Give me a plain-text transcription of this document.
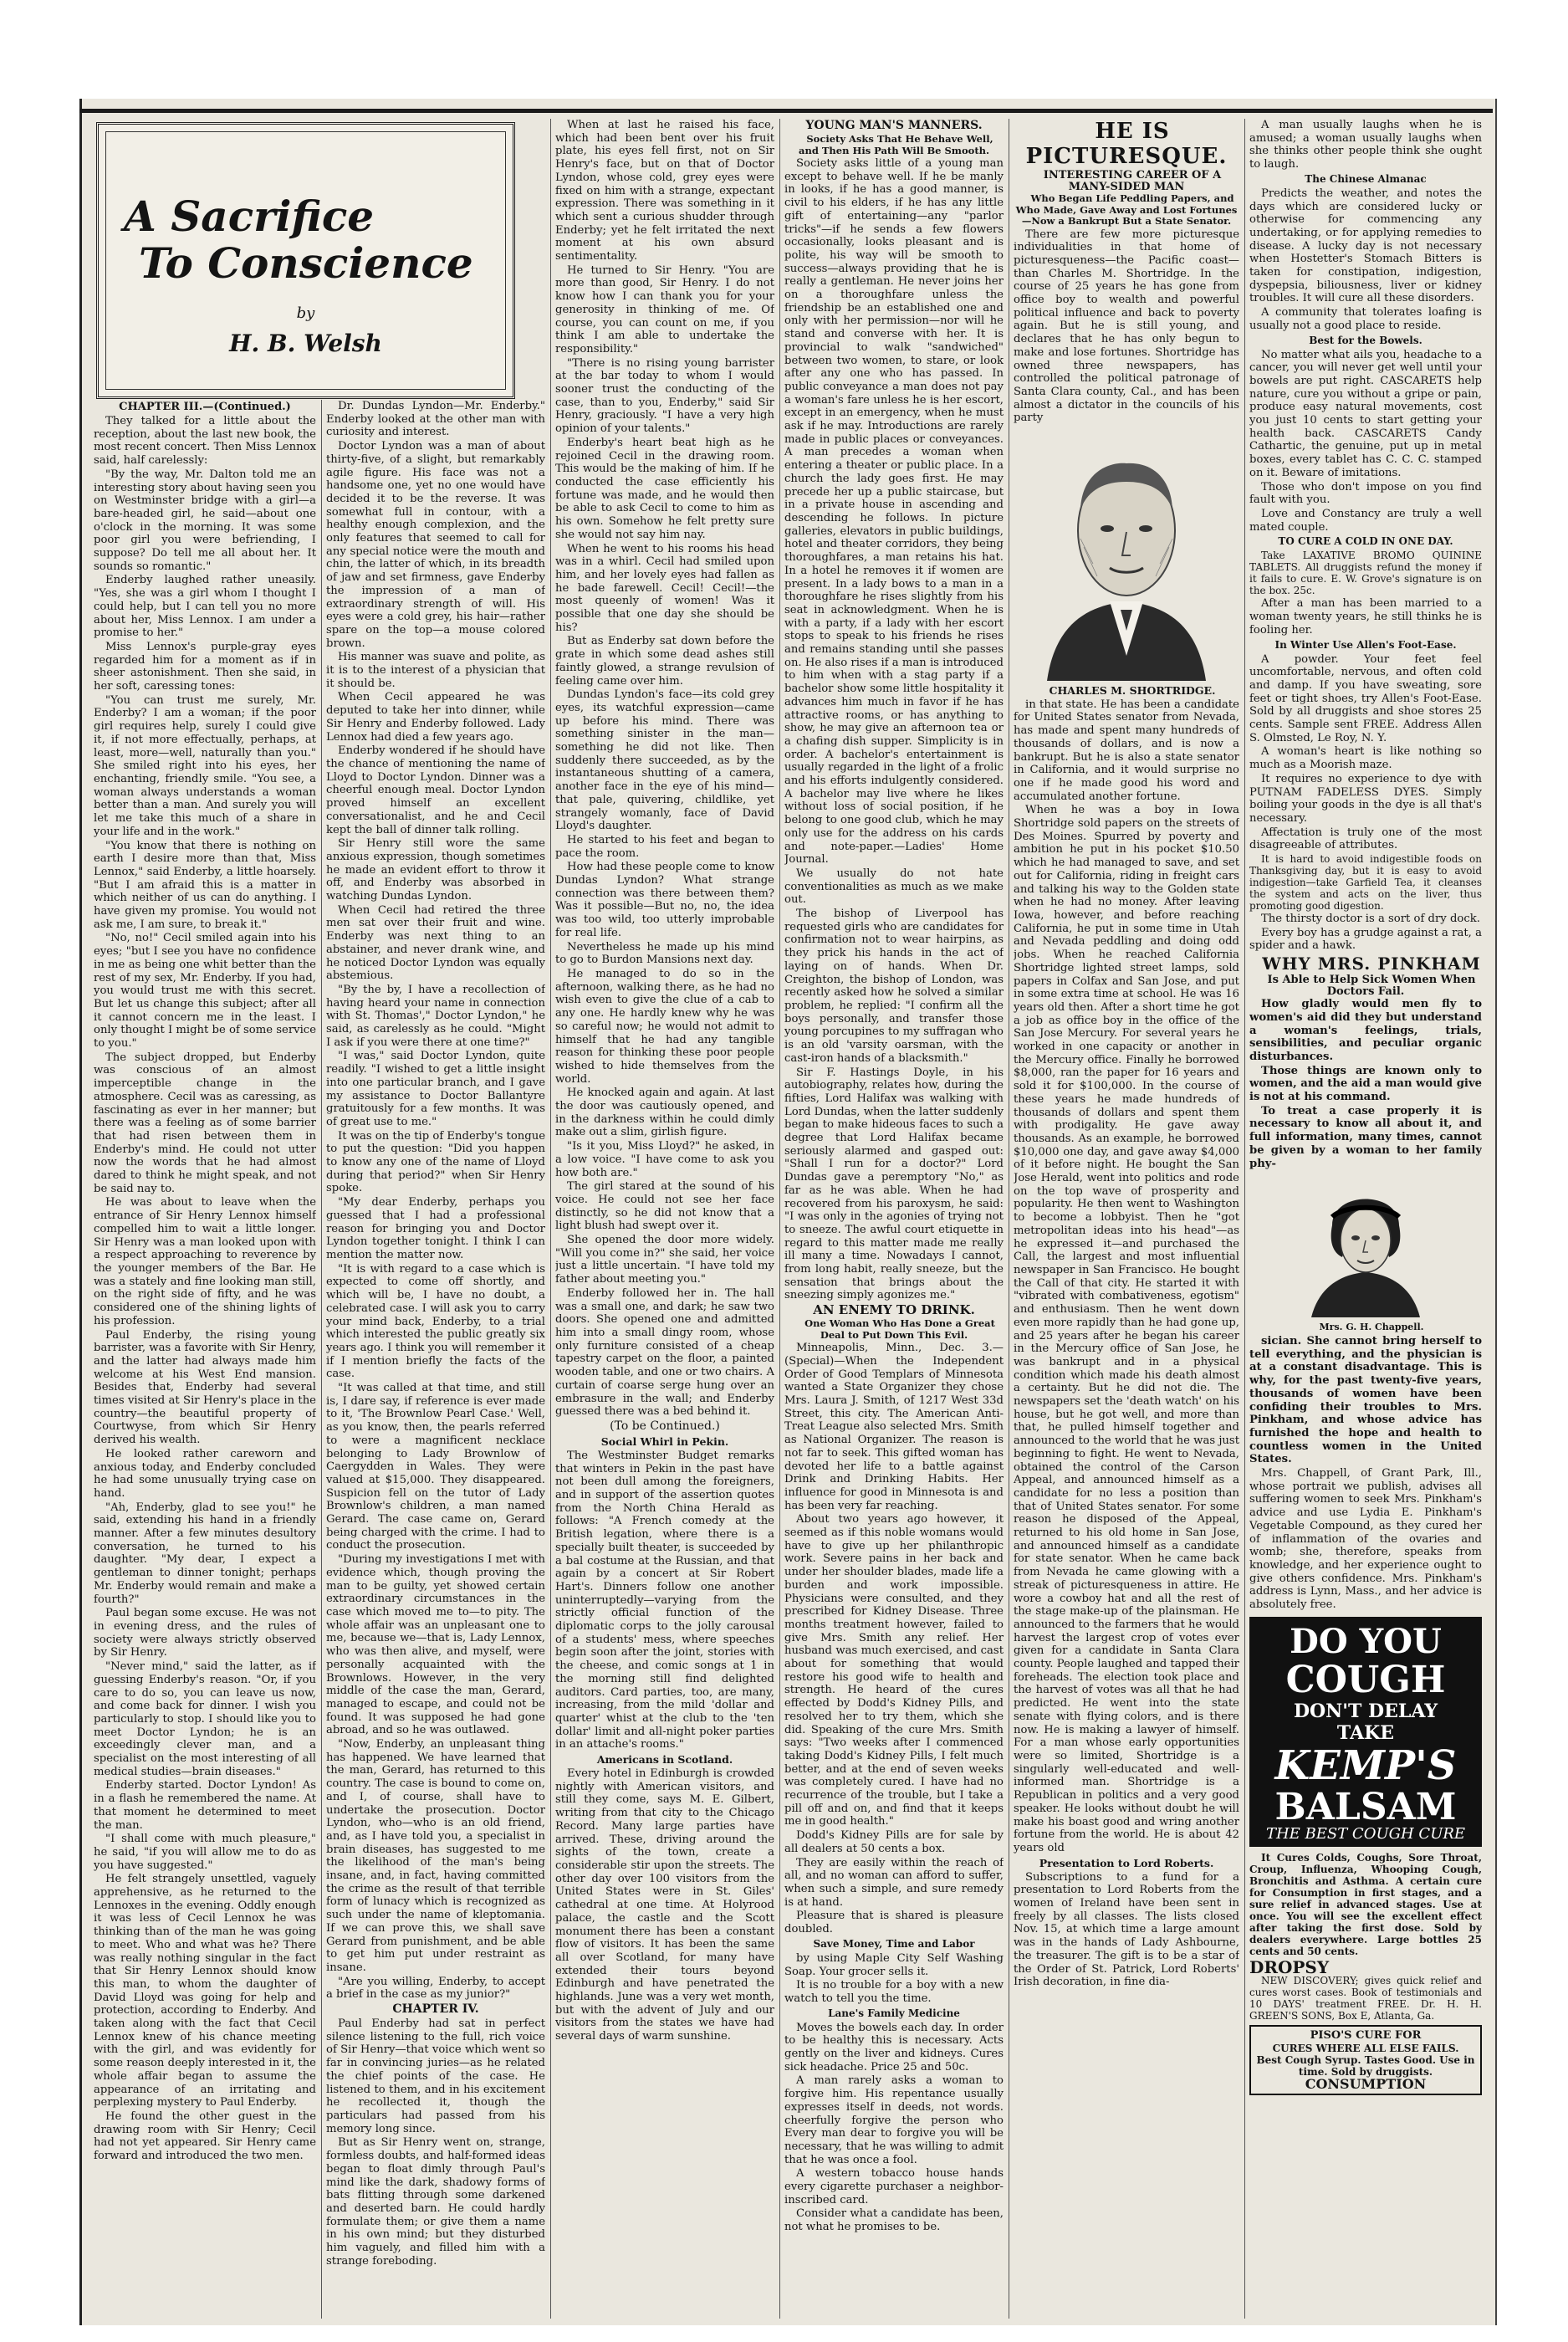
A Sacrifice
To Conscience
by
H. B. Welsh

CHAPTER III.—(Continued.)

They talked for a little about the reception, about the last new book, the most recent concert. Then Miss Lennox said, half carelessly:

"By the way, Mr. Dalton told me an interesting story about having seen you on Westminster bridge with a girl—a bare-headed girl, he said—about one o'clock in the morning. It was some poor girl you were befriending, I suppose? Do tell me all about her. It sounds so romantic."

Enderby laughed rather uneasily. "Yes, she was a girl whom I thought I could help, but I can tell you no more about her, Miss Lennox. I am under a promise to her."

Miss Lennox's purple-gray eyes regarded him for a moment as if in sheer astonishment. Then she said, in her soft, caressing tones:

"You can trust me surely, Mr. Enderby? I am a woman; if the poor girl requires help, surely I could give it, if not more effectually, perhaps, at least, more—well, naturally than you." She smiled right into his eyes, her enchanting, friendly smile. "You see, a woman always understands a woman better than a man. And surely you will let me take this much of a share in your life and in the work."

"You know that there is nothing on earth I desire more than that, Miss Lennox," said Enderby, a little hoarsely. "But I am afraid this is a matter in which neither of us can do anything. I have given my promise. You would not ask me, I am sure, to break it."

"No, no!" Cecil smiled again into his eyes; "but I see you have no confidence in me as being one whit better than the rest of my sex, Mr. Enderby. If you had, you would trust me with this secret. But let us change this subject; after all it cannot concern me in the least. I only thought I might be of some service to you."

The subject dropped, but Enderby was conscious of an almost imperceptible change in the atmosphere. Cecil was as caressing, as fascinating as ever in her manner; but there was a feeling as of some barrier that had risen between them in Enderby's mind. He could not utter now the words that he had almost dared to think he might speak, and not be said nay to.

He was about to leave when the entrance of Sir Henry Lennox himself compelled him to wait a little longer. Sir Henry was a man looked upon with a respect approaching to reverence by the younger members of the Bar. He was a stately and fine looking man still, on the right side of fifty, and he was considered one of the shining lights of his profession.

Paul Enderby, the rising young barrister, was a favorite with Sir Henry, and the latter had always made him welcome at his West End mansion. Besides that, Enderby had several times visited at Sir Henry's place in the country—the beautiful property of Courtwyse, from which Sir Henry derived his wealth.

He looked rather careworn and anxious today, and Enderby concluded he had some unusually trying case on hand.

"Ah, Enderby, glad to see you!" he said, extending his hand in a friendly manner. After a few minutes desultory conversation, he turned to his daughter. "My dear, I expect a gentleman to dinner tonight; perhaps Mr. Enderby would remain and make a fourth?"

Paul began some excuse. He was not in evening dress, and the rules of society were always strictly observed by Sir Henry.

"Never mind," said the latter, as if guessing Enderby's reason. "Or, if you care to do so, you can leave us now, and come back for dinner. I wish you particularly to stop. I should like you to meet Doctor Lyndon; he is an exceedingly clever man, and a specialist on the most interesting of all medical studies—brain diseases."

Enderby started. Doctor Lyndon! As in a flash he remembered the name. At that moment he determined to meet the man.

"I shall come with much pleasure," he said, "if you will allow me to do as you have suggested."

He felt strangely unsettled, vaguely apprehensive, as he returned to the Lennoxes in the evening. Oddly enough it was less of Cecil Lennox he was thinking than of the man he was going to meet. Who and what was he? There was really nothing singular in the fact that Sir Henry Lennox should know this man, to whom the daughter of David Lloyd was going for help and protection, according to Enderby. And taken along with the fact that Cecil Lennox knew of his chance meeting with the girl, and was evidently for some reason deeply interested in it, the whole affair began to assume the appearance of an irritating and perplexing mystery to Paul Enderby.

He found the other guest in the drawing room with Sir Henry; Cecil had not yet appeared. Sir Henry came forward and introduced the two men.

Dr. Dundas Lyndon—Mr. Enderby." Enderby looked at the other man with curiosity and interest.

Doctor Lyndon was a man of about thirty-five, of a slight, but remarkably agile figure. His face was not a handsome one, yet no one would have decided it to be the reverse. It was somewhat full in contour, with a healthy enough complexion, and the only features that seemed to call for any special notice were the mouth and chin, the latter of which, in its breadth of jaw and set firmness, gave Enderby the impression of a man of extraordinary strength of will. His eyes were a cold grey, his hair—rather spare on the top—a mouse colored brown.

His manner was suave and polite, as it is to the interest of a physician that it should be.

When Cecil appeared he was deputed to take her into dinner, while Sir Henry and Enderby followed. Lady Lennox had died a few years ago.

Enderby wondered if he should have the chance of mentioning the name of Lloyd to Doctor Lyndon. Dinner was a cheerful enough meal. Doctor Lyndon proved himself an excellent conversationalist, and he and Cecil kept the ball of dinner talk rolling.

Sir Henry still wore the same anxious expression, though sometimes he made an evident effort to throw it off, and Enderby was absorbed in watching Dundas Lyndon.

When Cecil had retired the three men sat over their fruit and wine. Enderby was next thing to an abstainer, and never drank wine, and he noticed Doctor Lyndon was equally abstemious.

"By the by, I have a recollection of having heard your name in connection with St. Thomas'," Doctor Lyndon," he said, as carelessly as he could. "Might I ask if you were there at one time?"

"I was," said Doctor Lyndon, quite readily. "I wished to get a little insight into one particular branch, and I gave my assistance to Doctor Ballantyre gratuitously for a few months. It was of great use to me."

It was on the tip of Enderby's tongue to put the question: "Did you happen to know any one of the name of Lloyd during that period?" when Sir Henry spoke.

"My dear Enderby, perhaps you guessed that I had a professional reason for bringing you and Doctor Lyndon together tonight. I think I can mention the matter now.

"It is with regard to a case which is expected to come off shortly, and which will be, I have no doubt, a celebrated case. I will ask you to carry your mind back, Enderby, to a trial which interested the public greatly six years ago. I think you will remember it if I mention briefly the facts of the case.

"It was called at that time, and still is, I dare say, if reference is ever made to it, 'The Brownlow Pearl Case.' Well, as you know, then, the pearls referred to were a magnificent necklace belonging to Lady Brownlow of Caergydden in Wales. They were valued at $15,000. They disappeared. Suspicion fell on the tutor of Lady Brownlow's children, a man named Gerard. The case came on, Gerard being charged with the crime. I had to conduct the prosecution.

"During my investigations I met with evidence which, though proving the man to be guilty, yet showed certain extraordinary circumstances in the case which moved me to—to pity. The whole affair was an unpleasant one to me, because we—that is, Lady Lennox, who was then alive, and myself, were personally acquainted with the Brownlows. However, in the very middle of the case the man, Gerard, managed to escape, and could not be found. It was supposed he had gone abroad, and so he was outlawed.

"Now, Enderby, an unpleasant thing has happened. We have learned that the man, Gerard, has returned to this country. The case is bound to come on, and I, of course, shall have to undertake the prosecution. Doctor Lyndon, who—who is an old friend, and, as I have told you, a specialist in brain diseases, has suggested to me the likelihood of the man's being insane, and, in fact, having committed the crime as the result of that terrible form of lunacy which is recognized as such under the name of kleptomania. If we can prove this, we shall save Gerard from punishment, and be able to get him put under restraint as insane.

"Are you willing, Enderby, to accept a brief in the case as my junior?"

CHAPTER IV.

Paul Enderby had sat in perfect silence listening to the full, rich voice of Sir Henry—that voice which went so far in convincing juries—as he related the chief points of the case. He listened to them, and in his excitement he recollected it, though the particulars had passed from his memory long since.

But as Sir Henry went on, strange, formless doubts, and half-formed ideas began to float dimly through Paul's mind like the dark, shadowy forms of bats flitting through some darkened and deserted barn. He could hardly formulate them; or give them a name in his own mind; but they disturbed him vaguely, and filled him with a strange foreboding.

When at last he raised his face, which had been bent over his fruit plate, his eyes fell first, not on Sir Henry's face, but on that of Doctor Lyndon, whose cold, grey eyes were fixed on him with a strange, expectant expression. There was something in it which sent a curious shudder through Enderby; yet he felt irritated the next moment at his own absurd sentimentality.

He turned to Sir Henry. "You are more than good, Sir Henry. I do not know how I can thank you for your generosity in thinking of me. Of course, you can count on me, if you think I am able to undertake the responsibility."

"There is no rising young barrister at the bar today to whom I would sooner trust the conducting of the case, than to you, Enderby," said Sir Henry, graciously. "I have a very high opinion of your talents."

Enderby's heart beat high as he rejoined Cecil in the drawing room. This would be the making of him. If he conducted the case efficiently his fortune was made, and he would then be able to ask Cecil to come to him as his own. Somehow he felt pretty sure she would not say him nay.

When he went to his rooms his head was in a whirl. Cecil had smiled upon him, and her lovely eyes had fallen as he bade farewell. Cecil! Cecil!—the most queenly of women! Was it possible that one day she should be his?

But as Enderby sat down before the grate in which some dead ashes still faintly glowed, a strange revulsion of feeling came over him.

Dundas Lyndon's face—its cold grey eyes, its watchful expression—came up before his mind. There was something sinister in the man—something he did not like. Then suddenly there succeeded, as by the instantaneous shutting of a camera, another face in the eye of his mind—that pale, quivering, childlike, yet strangely womanly, face of David Lloyd's daughter.

He started to his feet and began to pace the room.

How had these people come to know Dundas Lyndon? What strange connection was there between them? Was it possible—But no, no, the idea was too wild, too utterly improbable for real life.

Nevertheless he made up his mind to go to Burdon Mansions next day.

He managed to do so in the afternoon, walking there, as he had no wish even to give the clue of a cab to any one. He hardly knew why he was so careful now; he would not admit to himself that he had any tangible reason for thinking these poor people wished to hide themselves from the world.

He knocked again and again. At last the door was cautiously opened, and in the darkness within he could dimly make out a slim, girlish figure.

"Is it you, Miss Lloyd?" he asked, in a low voice. "I have come to ask you how both are."

The girl stared at the sound of his voice. He could not see her face distinctly, so he did not know that a light blush had swept over it.

She opened the door more widely. "Will you come in?" she said, her voice just a little uncertain. "I have told my father about meeting you."

Enderby followed her in. The hall was a small one, and dark; he saw two doors. She opened one and admitted him into a small dingy room, whose only furniture consisted of a cheap tapestry carpet on the floor, a painted wooden table, and one or two chairs. A curtain of coarse serge hung over an embrasure in the wall; and Enderby guessed there was a bed behind it.

(To be Continued.)

Social Whirl in Pekin.

The Westminster Budget remarks that winters in Pekin in the past have not been dull among the foreigners, and in support of the assertion quotes from the North China Herald as follows: "A French comedy at the British legation, where there is a specially built theater, is succeeded by a bal costume at the Russian, and that again by a concert at Sir Robert Hart's. Dinners follow one another uninterruptedly—varying from the strictly official function of the diplomatic corps to the jolly carousal of a students' mess, where speeches begin soon after the joint, stories with the cheese, and comic songs at 1 in the morning still find delighted auditors. Card parties, too, are many, increasing, from the mild 'dollar and quarter' whist at the club to the 'ten dollar' limit and all-night poker parties in an attache's rooms."

Americans in Scotland.

Every hotel in Edinburgh is crowded nightly with American visitors, and still they come, says M. E. Gilbert, writing from that city to the Chicago Record. Many large parties have arrived. These, driving around the sights of the town, create a considerable stir upon the streets. The other day over 100 visitors from the United States were in St. Giles' cathedral at one time. At Holyrood palace, the castle and the Scott monument there has been a constant flow of visitors. It has been the same all over Scotland, for many have extended their tours beyond Edinburgh and have penetrated the highlands. June was a very wet month, but with the advent of July and our visitors from the states we have had several days of warm sunshine.

YOUNG MAN'S MANNERS.

Society Asks That He Behave Well, and Then His Path Will Be Smooth.

Society asks little of a young man except to behave well. If he be manly in looks, if he has a good manner, is civil to his elders, if he has any little gift of entertaining—any "parlor tricks"—if he sends a few flowers occasionally, looks pleasant and is polite, his way will be smooth to success—always providing that he is really a gentleman. He never joins her on a thoroughfare unless the friendship be an established one and only with her permission—nor will he stand and converse with her. It is provincial to walk "sandwiched" between two women, to stare, or look after any one who has passed. In public conveyance a man does not pay a woman's fare unless he is her escort, except in an emergency, when he must ask if he may. Introductions are rarely made in public places or conveyances. A man precedes a woman when entering a theater or public place. In a church the lady goes first. He may precede her up a public staircase, but in a private house in ascending and descending he follows. In picture galleries, elevators in public buildings, hotel and theater corridors, they being thoroughfares, a man retains his hat. In a hotel he removes it if women are present. In a lady bows to a man in a thoroughfare he rises slightly from his seat in acknowledgment. When he is with a party, if a lady with her escort stops to speak to his friends he rises and remains standing until she passes on. He also rises if a man is introduced to him when with a stag party if a bachelor show some little hospitality it advances him much in favor if he has attractive rooms, or has anything to show, he may give an afternoon tea or a chafing dish supper. Simplicity is in order. A bachelor's entertainment is usually regarded in the light of a frolic and his efforts indulgently considered. A bachelor may live where he likes without loss of social position, if he belong to one good club, which he may only use for the address on his cards and note-paper.—Ladies' Home Journal.

We usually do not hate conventionalities as much as we make out.

The bishop of Liverpool has requested girls who are candidates for confirmation not to wear hairpins, as they prick his hands in the act of laying on of hands. When Dr. Creighton, the bishop of London, was recently asked how he solved a similar problem, he replied: "I confirm all the boys personally, and transfer those young porcupines to my suffragan who is an old 'varsity oarsman, with the cast-iron hands of a blacksmith."

Sir F. Hastings Doyle, in his autobiography, relates how, during the fifties, Lord Halifax was walking with Lord Dundas, when the latter suddenly began to make hideous faces to such a degree that Lord Halifax became seriously alarmed and gasped out: "Shall I run for a doctor?" Lord Dundas gave a peremptory "No," as far as he was able. When he had recovered from his paroxysm, he said: "I was only in the agonies of trying not to sneeze. The awful court etiquette in regard to this matter made me really ill many a time. Nowadays I cannot, from long habit, really sneeze, but the sensation that brings about the sneezing simply agonizes me."

AN ENEMY TO DRINK.

One Woman Who Has Done a Great Deal to Put Down This Evil.

Minneapolis, Minn., Dec. 3.—(Special)—When the Independent Order of Good Templars of Minnesota wanted a State Organizer they chose Mrs. Laura J. Smith, of 1217 West 33d Street, this city. The American Anti-Treat League also selected Mrs. Smith as National Organizer. The reason is not far to seek. This gifted woman has devoted her life to a battle against Drink and Drinking Habits. Her influence for good in Minnesota is and has been very far reaching.

About two years ago however, it seemed as if this noble womans would have to give up her philanthropic work. Severe pains in her back and under her shoulder blades, made life a burden and work impossible. Physicians were consulted, and they prescribed for Kidney Disease. Three months treatment however, failed to give Mrs. Smith any relief. Her husband was much exercised, and cast about for something that would restore his good wife to health and strength. He heard of the cures effected by Dodd's Kidney Pills, and resolved her to try them, which she did. Speaking of the cure Mrs. Smith says: "Two weeks after I commenced taking Dodd's Kidney Pills, I felt much better, and at the end of seven weeks was completely cured. I have had no recurrence of the trouble, but I take a pill off and on, and find that it keeps me in good health."

Dodd's Kidney Pills are for sale by all dealers at 50 cents a box.

They are easily within the reach of all, and no woman can afford to suffer, when such a simple, and sure remedy is at hand.

Pleasure that is shared is pleasure doubled.

Save Money, Time and Labor

by using Maple City Self Washing Soap. Your grocer sells it.

It is no trouble for a boy with a new watch to tell you the time.

Lane's Family Medicine

Moves the bowels each day. In order to be healthy this is necessary. Acts gently on the liver and kidneys. Cures sick headache. Price 25 and 50c.

A man rarely asks a woman to forgive him. His repentance usually expresses itself in deeds, not words. cheerfully forgive the person who Every man dear to forgive you will be necessary, that he was willing to admit that he was once a fool.

A western tobacco house hands every cigarette purchaser a neighbor-inscribed card.

Consider what a candidate has been, not what he promises to be.

HE IS PICTURESQUE.

INTERESTING CAREER OF A MANY-SIDED MAN

Who Began Life Peddling Papers, and Who Made, Gave Away and Lost Fortunes—Now a Bankrupt But a State Senator.

There are few more picturesque individualities in that home of picturesqueness—the Pacific coast—than Charles M. Shortridge. In the course of 25 years he has gone from office boy to wealth and powerful political influence and back to poverty again. But he is still young, and declares that he has only begun to make and lose fortunes. Shortridge has owned three newspapers, has controlled the political patronage of Santa Clara county, Cal., and has been almost a dictator in the councils of his party

CHARLES M. SHORTRIDGE.

in that state. He has been a candidate for United States senator from Nevada, has made and spent many hundreds of thousands of dollars, and is now a bankrupt. But he is also a state senator in California, and it would surprise no one if he made good his word and accumulated another fortune.

When he was a boy in Iowa Shortridge sold papers on the streets of Des Moines. Spurred by poverty and ambition he put in his pocket $10.50 which he had managed to save, and set out for California, riding in freight cars and talking his way to the Golden state when he had no money. After leaving Iowa, however, and before reaching California, he put in some time in Utah and Nevada peddling and doing odd jobs. When he reached California Shortridge lighted street lamps, sold papers in Colfax and San Jose, and put in some extra time at school. He was 16 years old then. After a short time he got a job as office boy in the office of the San Jose Mercury. For several years he worked in one capacity or another in the Mercury office. Finally he borrowed $8,000, ran the paper for 16 years and sold it for $100,000. In the course of these years he made hundreds of thousands of dollars and spent them with prodigality. He gave away thousands. As an example, he borrowed $10,000 one day, and gave away $4,000 of it before night. He bought the San Jose Herald, went into politics and rode on the top wave of prosperity and popularity. He then went to Washington to become a lobbyist. Then he "got metropolitan ideas into his head"—as he expressed it—and purchased the Call, the largest and most influential newspaper in San Francisco. He bought the Call of that city. He started it with "vibrated with combativeness, egotism" and enthusiasm. Then he went down even more rapidly than he had gone up, and 25 years after he began his career in the Mercury office of San Jose, he was bankrupt and in a physical condition which made his death almost a certainty. But he did not die. The newspapers set the 'death watch' on his house, but he got well, and more than that, he pulled himself together and announced to the world that he was just beginning to fight. He went to Nevada, obtained the control of the Carson Appeal, and announced himself as a candidate for no less a position than that of United States senator. For some reason he disposed of the Appeal, returned to his old home in San Jose, and announced himself as a candidate for state senator. When he came back from Nevada he came glowing with a streak of picturesqueness in attire. He wore a cowboy hat and all the rest of the stage make-up of the plainsman. He announced to the farmers that he would harvest the largest crop of votes ever given for a candidate in Santa Clara county. People laughed and tapped their foreheads. The election took place and the harvest of votes was all that he had predicted. He went into the state senate with flying colors, and is there now. He is making a lawyer of himself. For a man whose early opportunities were so limited, Shortridge is a singularly well-educated and well-informed man. Shortridge is a Republican in politics and a very good speaker. He looks without doubt he will make his boast good and wring another fortune from the world. He is about 42 years old

Presentation to Lord Roberts.

Subscriptions to a fund for a presentation to Lord Roberts from the women of Ireland have been sent in freely by all classes. The lists closed Nov. 15, at which time a large amount was in the hands of Lady Ashbourne, the treasurer. The gift is to be a star of the Order of St. Patrick, Lord Roberts' Irish decoration, in fine dia-

A man usually laughs when he is amused; a woman usually laughs when she thinks other people think she ought to laugh.

The Chinese Almanac

Predicts the weather, and notes the days which are considered lucky or otherwise for commencing any undertaking, or for applying remedies to disease. A lucky day is not necessary when Hostetter's Stomach Bitters is taken for constipation, indigestion, dyspepsia, biliousness, liver or kidney troubles. It will cure all these disorders.

A community that tolerates loafing is usually not a good place to reside.

Best for the Bowels.

No matter what ails you, headache to a cancer, you will never get well until your bowels are put right. CASCARETS help nature, cure you without a gripe or pain, produce easy natural movements, cost you just 10 cents to start getting your health back. CASCARETS Candy Cathartic, the genuine, put up in metal boxes, every tablet has C. C. C. stamped on it. Beware of imitations.

Those who don't impose on you find fault with you.

Love and Constancy are truly a well mated couple.

TO CURE A COLD IN ONE DAY.

Take LAXATIVE BROMO QUININE TABLETS. All druggists refund the money if it fails to cure. E. W. Grove's signature is on the box. 25c.

After a man has been married to a woman twenty years, he still thinks he is fooling her.

In Winter Use Allen's Foot-Ease.

A powder. Your feet feel uncomfortable, nervous, and often cold and damp. If you have sweating, sore feet or tight shoes, try Allen's Foot-Ease. Sold by all druggists and shoe stores 25 cents. Sample sent FREE. Address Allen S. Olmsted, Le Roy, N. Y.

A woman's heart is like nothing so much as a Moorish maze.

It requires no experience to dye with PUTNAM FADELESS DYES. Simply boiling your goods in the dye is all that's necessary.

Affectation is truly one of the most disagreeable of attributes.

It is hard to avoid indigestible foods on Thanksgiving day, but it is easy to avoid indigestion—take Garfield Tea, it cleanses the system and acts on the liver, thus promoting good digestion.

The thirsty doctor is a sort of dry dock.

Every boy has a grudge against a rat, a spider and a hawk.

WHY MRS. PINKHAM

Is Able to Help Sick Women When Doctors Fail.

How gladly would men fly to women's aid did they but understand a woman's feelings, trials, sensibilities, and peculiar organic disturbances.

Those things are known only to women, and the aid a man would give is not at his command.

To treat a case properly it is necessary to know all about it, and full information, many times, cannot be given by a woman to her family phy-

Mrs. G. H. Chappell.

sician. She cannot bring herself to tell everything, and the physician is at a constant disadvantage. This is why, for the past twenty-five years, thousands of women have been confiding their troubles to Mrs. Pinkham, and whose advice has furnished the hope and health to countless women in the United States.

Mrs. Chappell, of Grant Park, Ill., whose portrait we publish, advises all suffering women to seek Mrs. Pinkham's advice and use Lydia E. Pinkham's Vegetable Compound, as they cured her of inflammation of the ovaries and womb; she, therefore, speaks from knowledge, and her experience ought to give others confidence. Mrs. Pinkham's address is Lynn, Mass., and her advice is absolutely free.

DO YOU
COUGH
DON'T DELAY
TAKE
KEMP'S
BALSAM
THE BEST COUGH CURE

It Cures Colds, Coughs, Sore Throat, Croup, Influenza, Whooping Cough, Bronchitis and Asthma. A certain cure for Consumption in first stages, and a sure relief in advanced stages. Use at once. You will see the excellent effect after taking the first dose. Sold by dealers everywhere. Large bottles 25 cents and 50 cents.

DROPSY

NEW DISCOVERY; gives quick relief and cures worst cases. Book of testimonials and 10 DAYS' treatment FREE. Dr. H. H. GREEN'S SONS, Box E, Atlanta, Ga.

PISO'S CURE FOR
CURES WHERE ALL ELSE FAILS.
Best Cough Syrup. Tastes Good. Use in time. Sold by druggists.
CONSUMPTION
